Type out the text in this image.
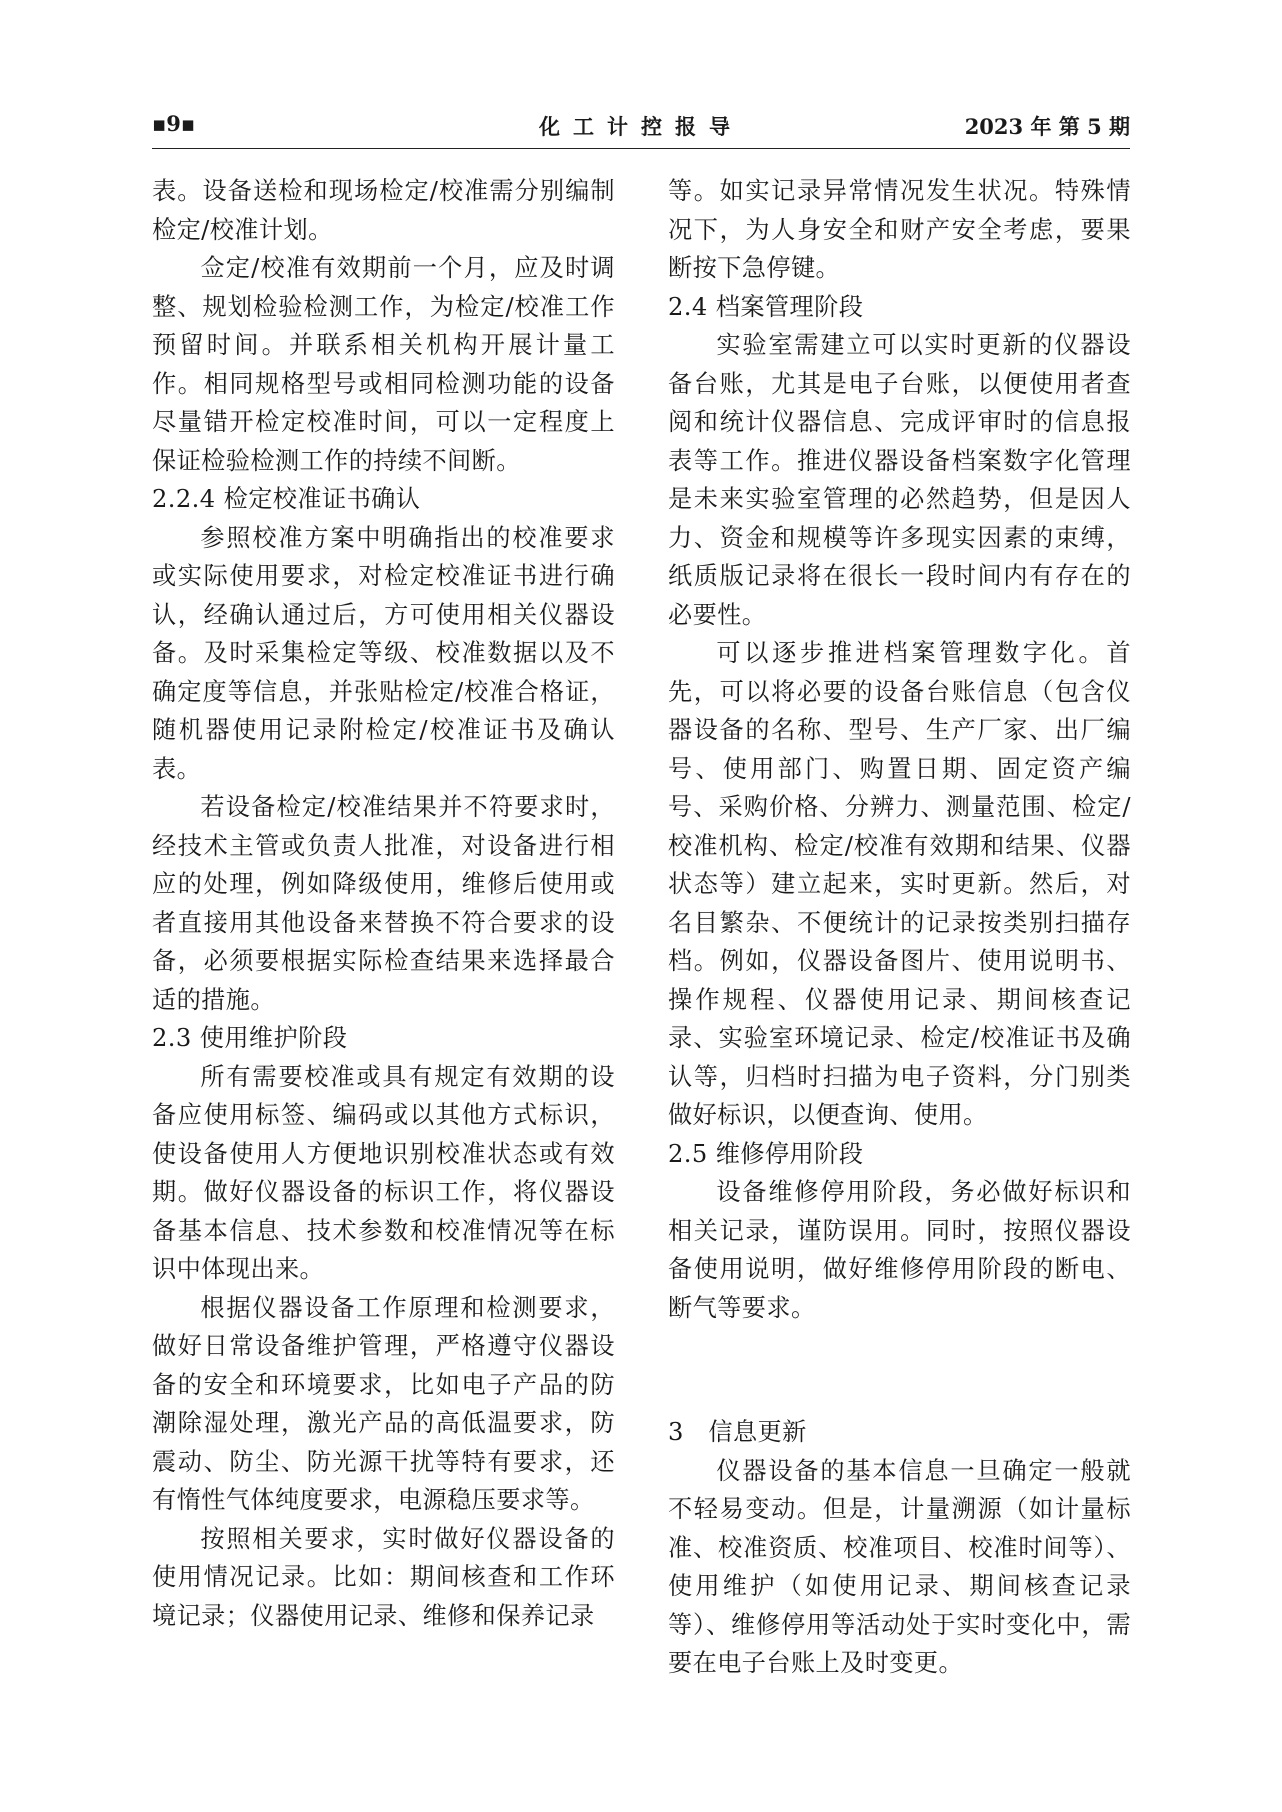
▪9▪	化工计控报导	2023 年 第 5 期

表。设备送检和现场检定/校准需分别编制检定/校准计划。

佥定/校准有效期前一个月，应及时调整、规划检验检测工作，为检定/校准工作预留时间。并联系相关机构开展计量工作。相同规格型号或相同检测功能的设备尽量错开检定校准时间，可以一定程度上保证检验检测工作的持续不间断。

2.2.4 检定校准证书确认

参照校准方案中明确指出的校准要求或实际使用要求，对检定校准证书进行确认，经确认通过后，方可使用相关仪器设备。及时采集检定等级、校准数据以及不确定度等信息，并张贴检定/校准合格证，随机器使用记录附检定/校准证书及确认表。

若设备检定/校准结果并不符要求时，经技术主管或负责人批准，对设备进行相应的处理，例如降级使用，维修后使用或者直接用其他设备来替换不符合要求的设备，必须要根据实际检查结果来选择最合适的措施。

2.3 使用维护阶段

所有需要校准或具有规定有效期的设备应使用标签、编码或以其他方式标识，使设备使用人方便地识别校准状态或有效期。做好仪器设备的标识工作，将仪器设备基本信息、技术参数和校准情况等在标识中体现出来。

根据仪器设备工作原理和检测要求，做好日常设备维护管理，严格遵守仪器设备的安全和环境要求，比如电子产品的防潮除湿处理，激光产品的高低温要求，防震动、防尘、防光源干扰等特有要求，还有惰性气体纯度要求，电源稳压要求等。

按照相关要求，实时做好仪器设备的使用情况记录。比如：期间核查和工作环境记录；仪器使用记录、维修和保养记录

等。如实记录异常情况发生状况。特殊情况下，为人身安全和财产安全考虑，要果断按下急停键。

2.4 档案管理阶段

实验室需建立可以实时更新的仪器设备台账，尤其是电子台账，以便使用者查阅和统计仪器信息、完成评审时的信息报表等工作。推进仪器设备档案数字化管理是未来实验室管理的必然趋势，但是因人力、资金和规模等许多现实因素的束缚，纸质版记录将在很长一段时间内有存在的必要性。

可以逐步推进档案管理数字化。首先，可以将必要的设备台账信息（包含仪器设备的名称、型号、生产厂家、出厂编号、使用部门、购置日期、固定资产编号、采购价格、分辨力、测量范围、检定/校准机构、检定/校准有效期和结果、仪器状态等）建立起来，实时更新。然后，对名目繁杂、不便统计的记录按类别扫描存档。例如，仪器设备图片、使用说明书、操作规程、仪器使用记录、期间核查记录、实验室环境记录、检定/校准证书及确认等，归档时扫描为电子资料，分门别类做好标识，以便查询、使用。

2.5 维修停用阶段

设备维修停用阶段，务必做好标识和相关记录，谨防误用。同时，按照仪器设备使用说明，做好维修停用阶段的断电、断气等要求。

3　信息更新

仪器设备的基本信息一旦确定一般就不轻易变动。但是，计量溯源（如计量标准、校准资质、校准项目、校准时间等）、使用维护（如使用记录、期间核查记录等）、维修停用等活动处于实时变化中，需要在电子台账上及时变更。
